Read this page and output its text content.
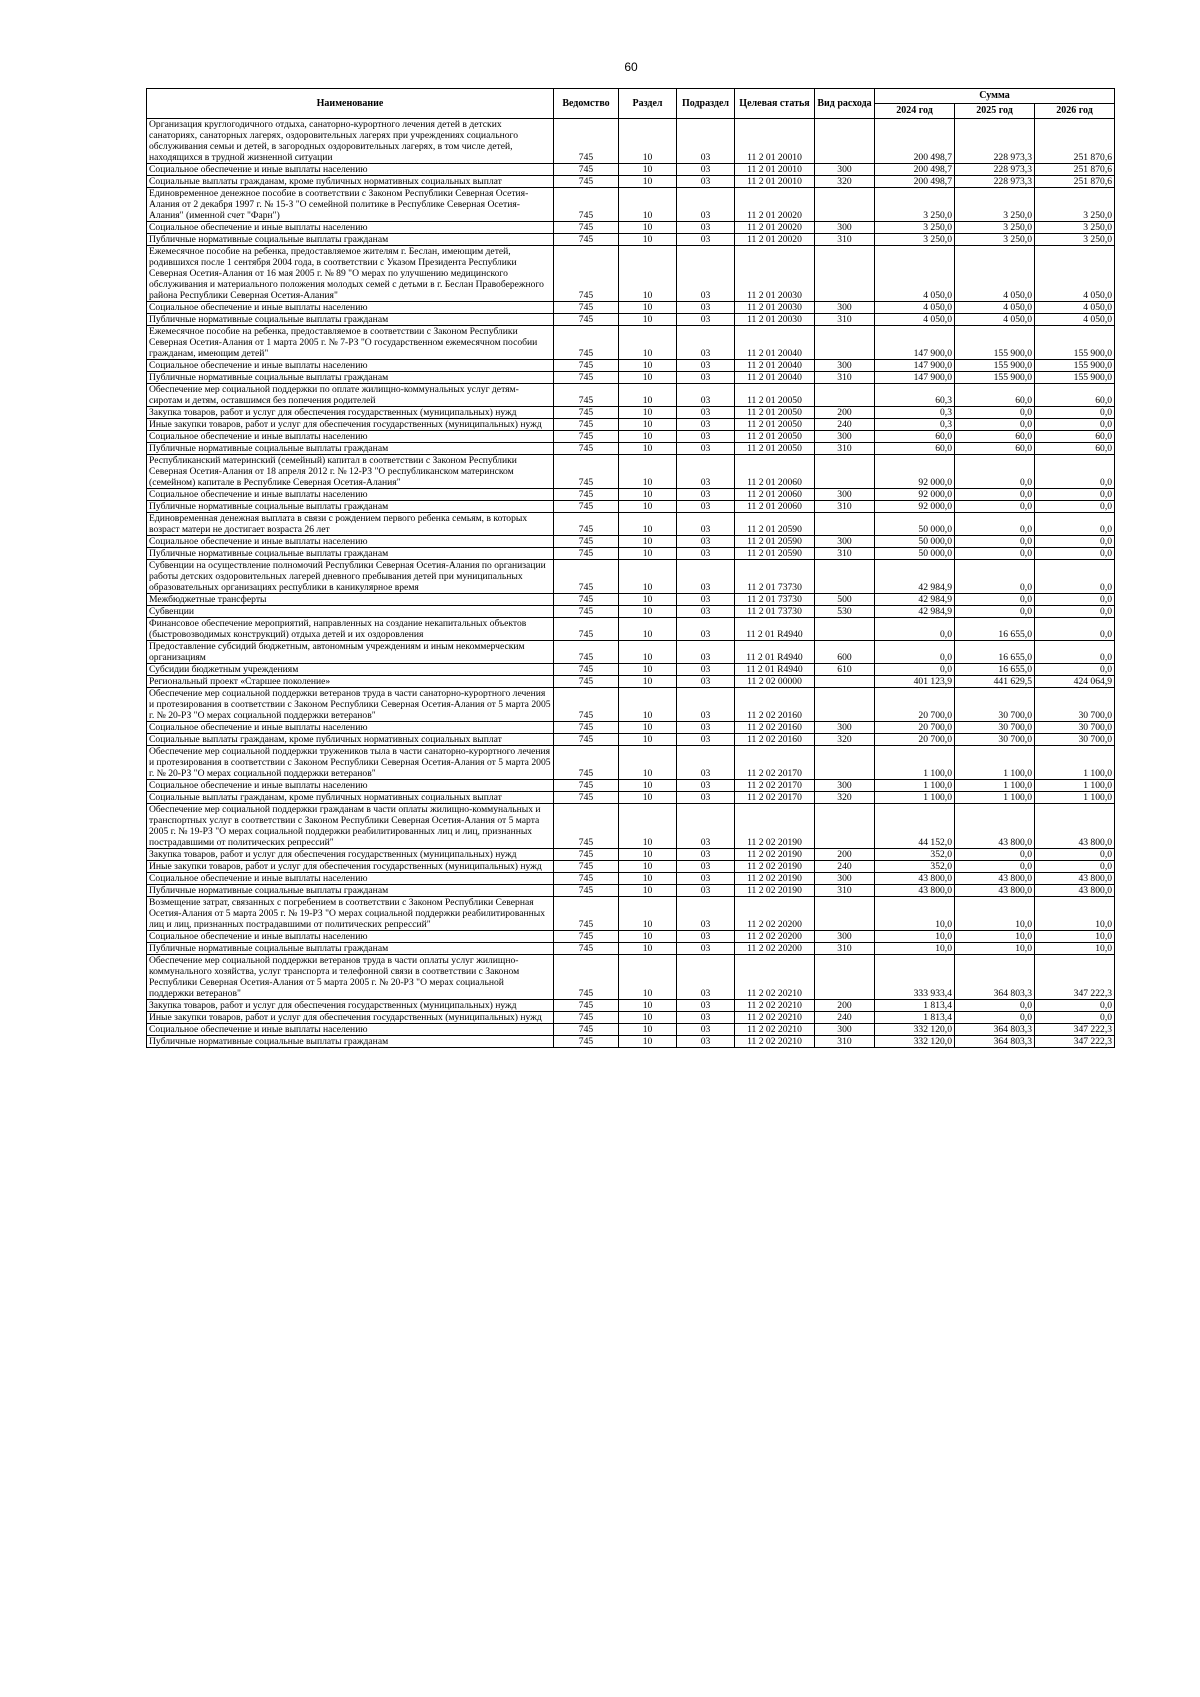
60
Наименование	Ведомство	Раздел	Подраздел	Целевая статья	Вид расхода	Сумма		
						2024 год	2025 год	2026 год
Организация круглогодичного отдыха, санаторно-курортного лечения детей в детских санаториях, санаторных лагерях, оздоровительных лагерях при учреждениях социального обслуживания семьи и детей, в загородных оздоровительных лагерях, в том числе детей, находящихся в трудной жизненной ситуации	745	10	03	11 2 01 20010		200 498,7	228 973,3	251 870,6
Социальное обеспечение и иные выплаты населению	745	10	03	11 2 01 20010	300	200 498,7	228 973,3	251 870,6
Социальные выплаты гражданам, кроме публичных нормативных социальных выплат	745	10	03	11 2 01 20010	320	200 498,7	228 973,3	251 870,6
Единовременное денежное пособие в соответствии с Законом Республики Северная Осетия-Алания от 2 декабря 1997 г. № 15-З "О семейной политике в Республике Северная Осетия-Алания" (именной счет "Фарн")	745	10	03	11 2 01 20020		3 250,0	3 250,0	3 250,0
Социальное обеспечение и иные выплаты населению	745	10	03	11 2 01 20020	300	3 250,0	3 250,0	3 250,0
Публичные нормативные социальные выплаты гражданам	745	10	03	11 2 01 20020	310	3 250,0	3 250,0	3 250,0
Ежемесячное пособие на ребенка, предоставляемое жителям г. Беслан, имеющим детей, родившихся после 1 сентября 2004 года, в соответствии с Указом Президента Республики Северная Осетия-Алания от 16 мая 2005 г. № 89 "О мерах по улучшению медицинского обслуживания и материального положения молодых семей с детьми в г. Беслан Правобережного района Республики Северная Осетия-Алания"	745	10	03	11 2 01 20030		4 050,0	4 050,0	4 050,0
Социальное обеспечение и иные выплаты населению	745	10	03	11 2 01 20030	300	4 050,0	4 050,0	4 050,0
Публичные нормативные социальные выплаты гражданам	745	10	03	11 2 01 20030	310	4 050,0	4 050,0	4 050,0
Ежемесячное пособие на ребенка, предоставляемое в соответствии с Законом Республики Северная Осетия-Алания от 1 марта 2005 г. № 7-РЗ "О государственном ежемесячном пособии гражданам, имеющим детей"	745	10	03	11 2 01 20040		147 900,0	155 900,0	155 900,0
Социальное обеспечение и иные выплаты населению	745	10	03	11 2 01 20040	300	147 900,0	155 900,0	155 900,0
Публичные нормативные социальные выплаты гражданам	745	10	03	11 2 01 20040	310	147 900,0	155 900,0	155 900,0
Обеспечение мер социальной поддержки по оплате жилищно-коммунальных услуг детям-сиротам и детям, оставшимся без попечения родителей	745	10	03	11 2 01 20050		60,3	60,0	60,0
Закупка товаров, работ и услуг для обеспечения государственных (муниципальных) нужд	745	10	03	11 2 01 20050	200	0,3	0,0	0,0
Иные закупки товаров, работ и услуг для обеспечения государственных (муниципальных) нужд	745	10	03	11 2 01 20050	240	0,3	0,0	0,0
Социальное обеспечение и иные выплаты населению	745	10	03	11 2 01 20050	300	60,0	60,0	60,0
Публичные нормативные социальные выплаты гражданам	745	10	03	11 2 01 20050	310	60,0	60,0	60,0
Республиканский материнский (семейный) капитал в соответствии с Законом Республики Северная Осетия-Алания от 18 апреля 2012 г. № 12-РЗ "О республиканском материнском (семейном) капитале в Республике Северная Осетия-Алания"	745	10	03	11 2 01 20060		92 000,0	0,0	0,0
Социальное обеспечение и иные выплаты населению	745	10	03	11 2 01 20060	300	92 000,0	0,0	0,0
Публичные нормативные социальные выплаты гражданам	745	10	03	11 2 01 20060	310	92 000,0	0,0	0,0
Единовременная денежная выплата в связи с рождением первого ребенка семьям, в которых возраст матери не достигает возраста 26 лет	745	10	03	11 2 01 20590		50 000,0	0,0	0,0
Социальное обеспечение и иные выплаты населению	745	10	03	11 2 01 20590	300	50 000,0	0,0	0,0
Публичные нормативные социальные выплаты гражданам	745	10	03	11 2 01 20590	310	50 000,0	0,0	0,0
Субвенции на осуществление полномочий Республики Северная Осетия-Алания по организации работы детских оздоровительных лагерей дневного пребывания детей при муниципальных образовательных организациях республики в каникулярное время	745	10	03	11 2 01 73730		42 984,9	0,0	0,0
Межбюджетные трансферты	745	10	03	11 2 01 73730	500	42 984,9	0,0	0,0
Субвенции	745	10	03	11 2 01 73730	530	42 984,9	0,0	0,0
Финансовое обеспечение мероприятий, направленных на создание некапитальных объектов (быстровозводимых конструкций) отдыха детей и их оздоровления	745	10	03	11 2 01 R4940		0,0	16 655,0	0,0
Предоставление субсидий бюджетным, автономным учреждениям и иным некоммерческим организациям	745	10	03	11 2 01 R4940	600	0,0	16 655,0	0,0
Субсидии бюджетным учреждениям	745	10	03	11 2 01 R4940	610	0,0	16 655,0	0,0
Региональный проект «Старшее поколение»	745	10	03	11 2 02 00000		401 123,9	441 629,5	424 064,9
Обеспечение мер социальной поддержки ветеранов труда в части санаторно-курортного лечения и протезирования в соответствии с Законом Республики Северная Осетия-Алания от 5 марта 2005 г. № 20-РЗ "О мерах социальной поддержки ветеранов"	745	10	03	11 2 02 20160		20 700,0	30 700,0	30 700,0
Социальное обеспечение и иные выплаты населению	745	10	03	11 2 02 20160	300	20 700,0	30 700,0	30 700,0
Социальные выплаты гражданам, кроме публичных нормативных социальных выплат	745	10	03	11 2 02 20160	320	20 700,0	30 700,0	30 700,0
Обеспечение мер социальной поддержки тружеников тыла в части санаторно-курортного лечения и протезирования в соответствии с Законом Республики Северная Осетия-Алания от 5 марта 2005 г. № 20-РЗ "О мерах социальной поддержки ветеранов"	745	10	03	11 2 02 20170		1 100,0	1 100,0	1 100,0
Социальное обеспечение и иные выплаты населению	745	10	03	11 2 02 20170	300	1 100,0	1 100,0	1 100,0
Социальные выплаты гражданам, кроме публичных нормативных социальных выплат	745	10	03	11 2 02 20170	320	1 100,0	1 100,0	1 100,0
Обеспечение мер социальной поддержки гражданам в части оплаты жилищно-коммунальных и транспортных услуг в соответствии с Законом Республики Северная Осетия-Алания от 5 марта 2005 г. № 19-РЗ "О мерах социальной поддержки реабилитированных лиц и лиц, признанных пострадавшими от политических репрессий"	745	10	03	11 2 02 20190		44 152,0	43 800,0	43 800,0
Закупка товаров, работ и услуг для обеспечения государственных (муниципальных) нужд	745	10	03	11 2 02 20190	200	352,0	0,0	0,0
Иные закупки товаров, работ и услуг для обеспечения государственных (муниципальных) нужд	745	10	03	11 2 02 20190	240	352,0	0,0	0,0
Социальное обеспечение и иные выплаты населению	745	10	03	11 2 02 20190	300	43 800,0	43 800,0	43 800,0
Публичные нормативные социальные выплаты гражданам	745	10	03	11 2 02 20190	310	43 800,0	43 800,0	43 800,0
Возмещение затрат, связанных с погребением в соответствии с Законом Республики Северная Осетия-Алания от 5 марта 2005 г. № 19-РЗ "О мерах социальной поддержки реабилитированных лиц и лиц, признанных пострадавшими от политических репрессий"	745	10	03	11 2 02 20200		10,0	10,0	10,0
Социальное обеспечение и иные выплаты населению	745	10	03	11 2 02 20200	300	10,0	10,0	10,0
Публичные нормативные социальные выплаты гражданам	745	10	03	11 2 02 20200	310	10,0	10,0	10,0
Обеспечение мер социальной поддержки ветеранов труда в части оплаты услуг жилищно-коммунального хозяйства, услуг транспорта и телефонной связи в соответствии с Законом Республики Северная Осетия-Алания от 5 марта 2005 г. № 20-РЗ "О мерах социальной поддержки ветеранов"	745	10	03	11 2 02 20210		333 933,4	364 803,3	347 222,3
Закупка товаров, работ и услуг для обеспечения государственных (муниципальных) нужд	745	10	03	11 2 02 20210	200	1 813,4	0,0	0,0
Иные закупки товаров, работ и услуг для обеспечения государственных (муниципальных) нужд	745	10	03	11 2 02 20210	240	1 813,4	0,0	0,0
Социальное обеспечение и иные выплаты населению	745	10	03	11 2 02 20210	300	332 120,0	364 803,3	347 222,3
Публичные нормативные социальные выплаты гражданам	745	10	03	11 2 02 20210	310	332 120,0	364 803,3	347 222,3
